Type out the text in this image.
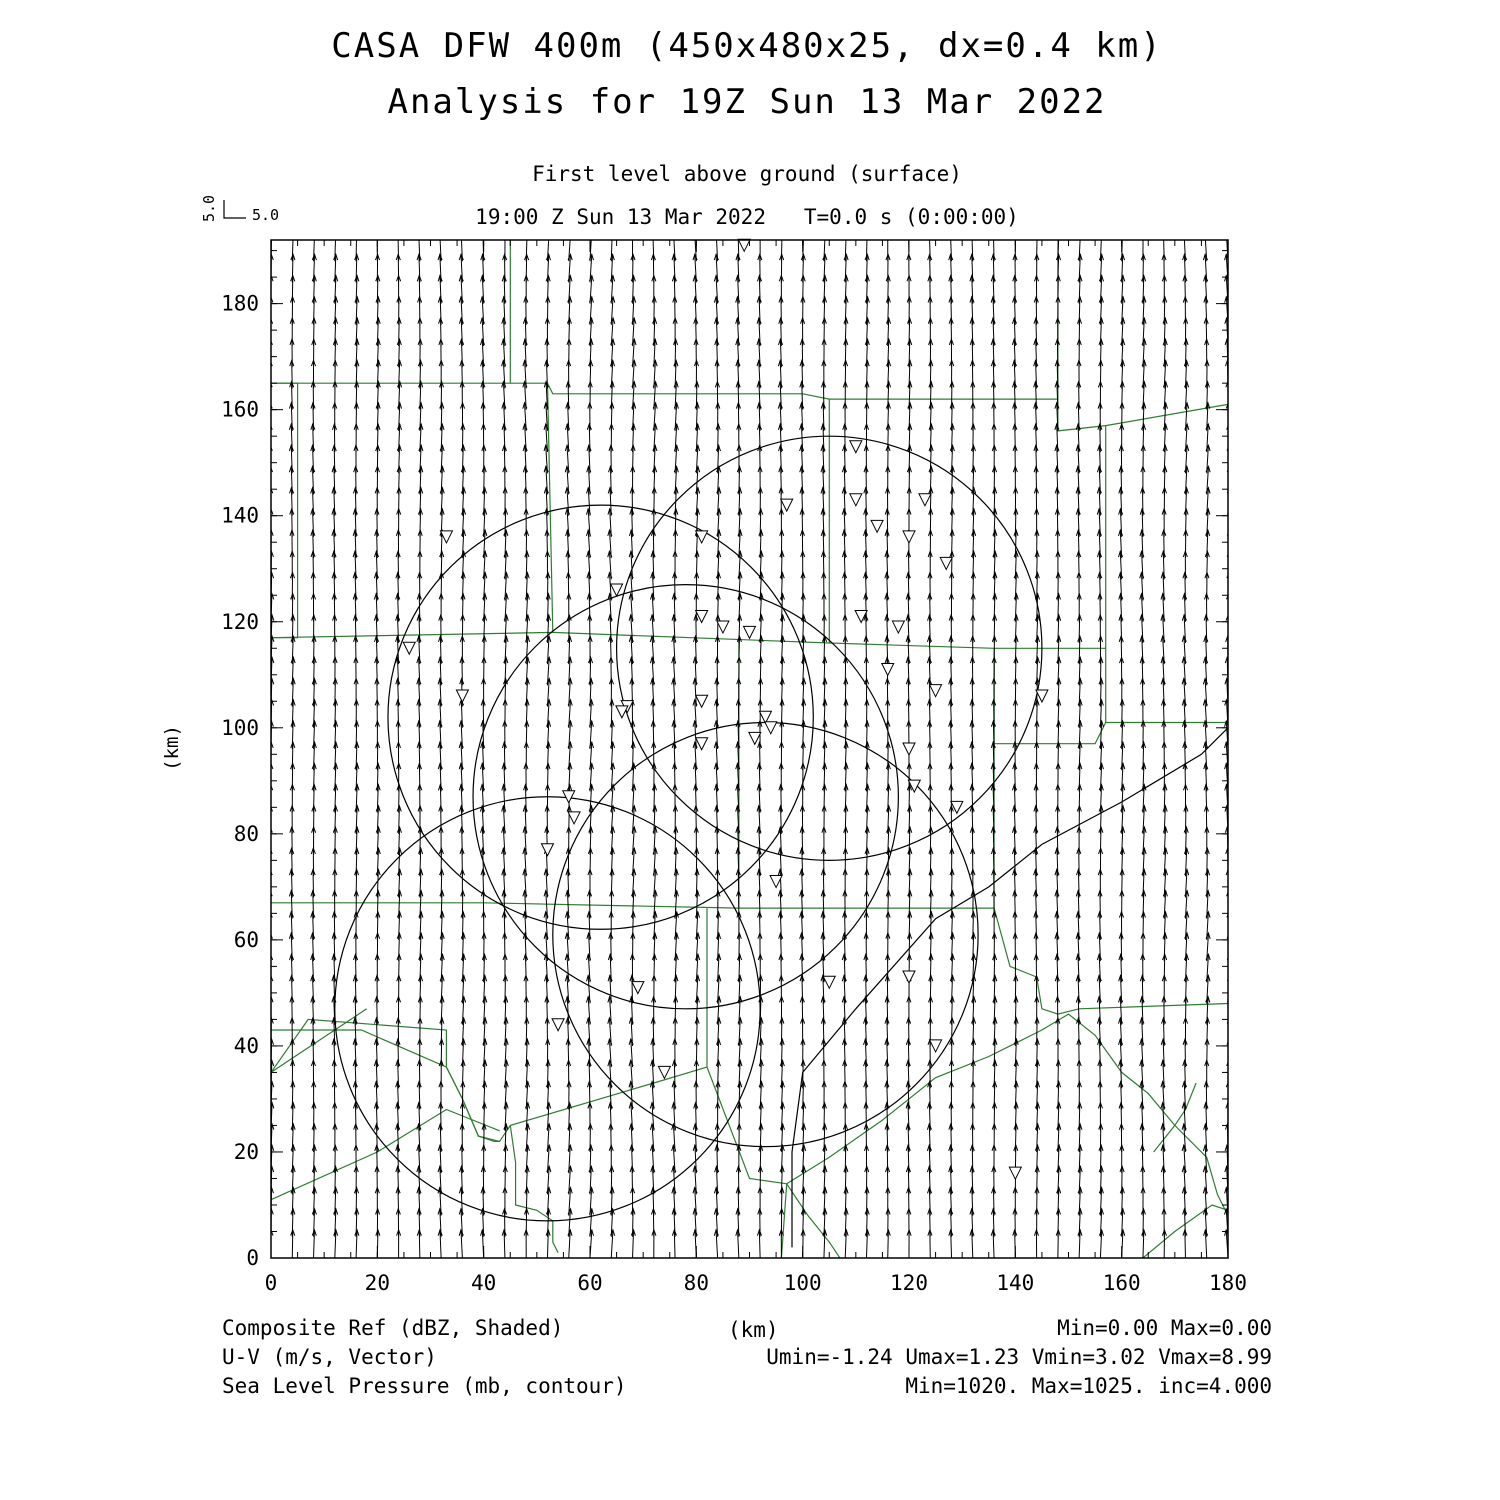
0	20	40	60	80	100	120	140	160	180
0
20
40
60
80
100
120
140
160
180
(km)
5.0
5.0
CASA DFW 400m (450x480x25, dx=0.4 km)
Analysis for 19Z Sun 13 Mar 2022
First level above ground (surface)
19:00 Z Sun 13 Mar 2022   T=0.0 s (0:00:00)
Composite Ref (dBZ, Shaded)
U-V (m/s, Vector)
Sea Level Pressure (mb, contour)
(km)	Min=0.00 Max=0.00
Umin=-1.24 Umax=1.23 Vmin=3.02 Vmax=8.99
Min=1020. Max=1025. inc=4.000
